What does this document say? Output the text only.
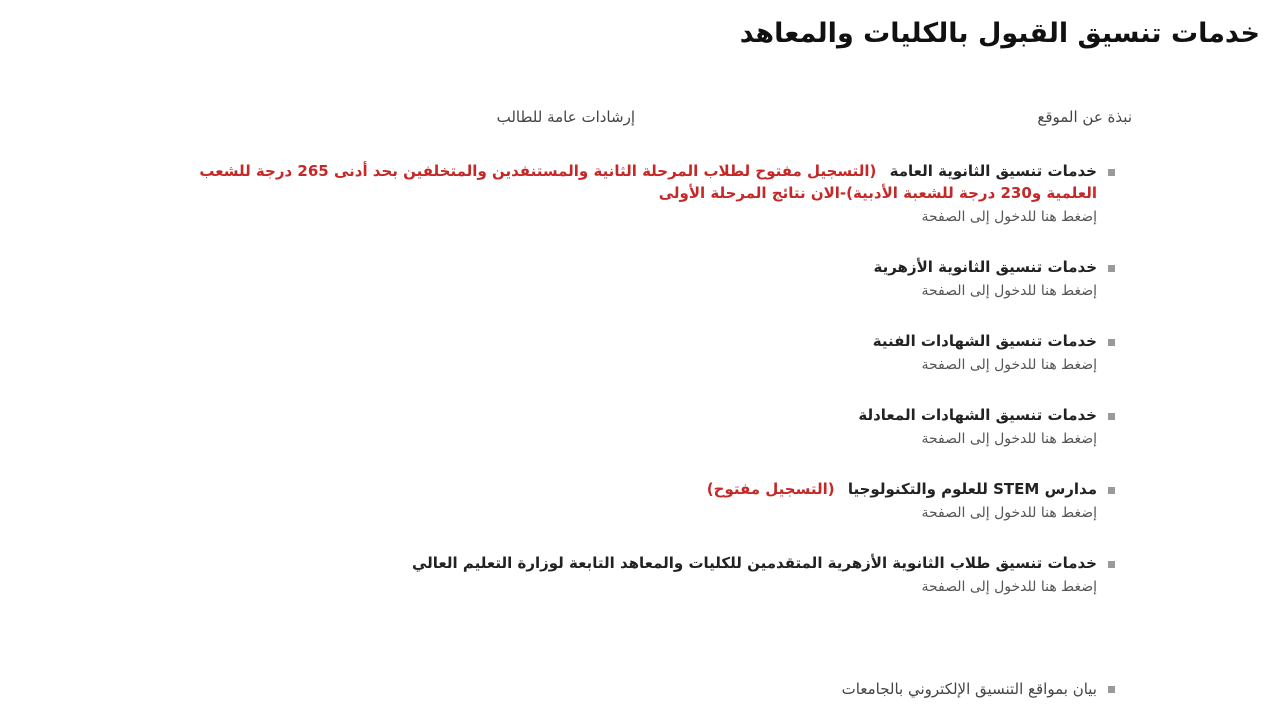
خدمات تنسيق القبول بالكليات والمعاهد
نبذة عن الموقع
إرشادات عامة للطالب
خدمات تنسيق الثانوية العامة (التسجيل مفتوح لطلاب المرحلة الثانية والمستنفدين والمتخلفين بحد أدنى 265 درجة للشعب العلمية و230 درجة للشعبة الأدبية)-الان نتائج المرحلة الأولى
إضغط هنا للدخول إلى الصفحة
خدمات تنسيق الثانوية الأزهرية
إضغط هنا للدخول إلى الصفحة
خدمات تنسيق الشهادات الفنية
إضغط هنا للدخول إلى الصفحة
خدمات تنسيق الشهادات المعادلة
إضغط هنا للدخول إلى الصفحة
مدارس STEM للعلوم والتكنولوجيا (التسجيل مفتوح)
إضغط هنا للدخول إلى الصفحة
خدمات تنسيق طلاب الثانوية الأزهرية المتقدمين للكليات والمعاهد التابعة لوزارة التعليم العالي
إضغط هنا للدخول إلى الصفحة
بيان بمواقع التنسيق الإلكتروني بالجامعات
